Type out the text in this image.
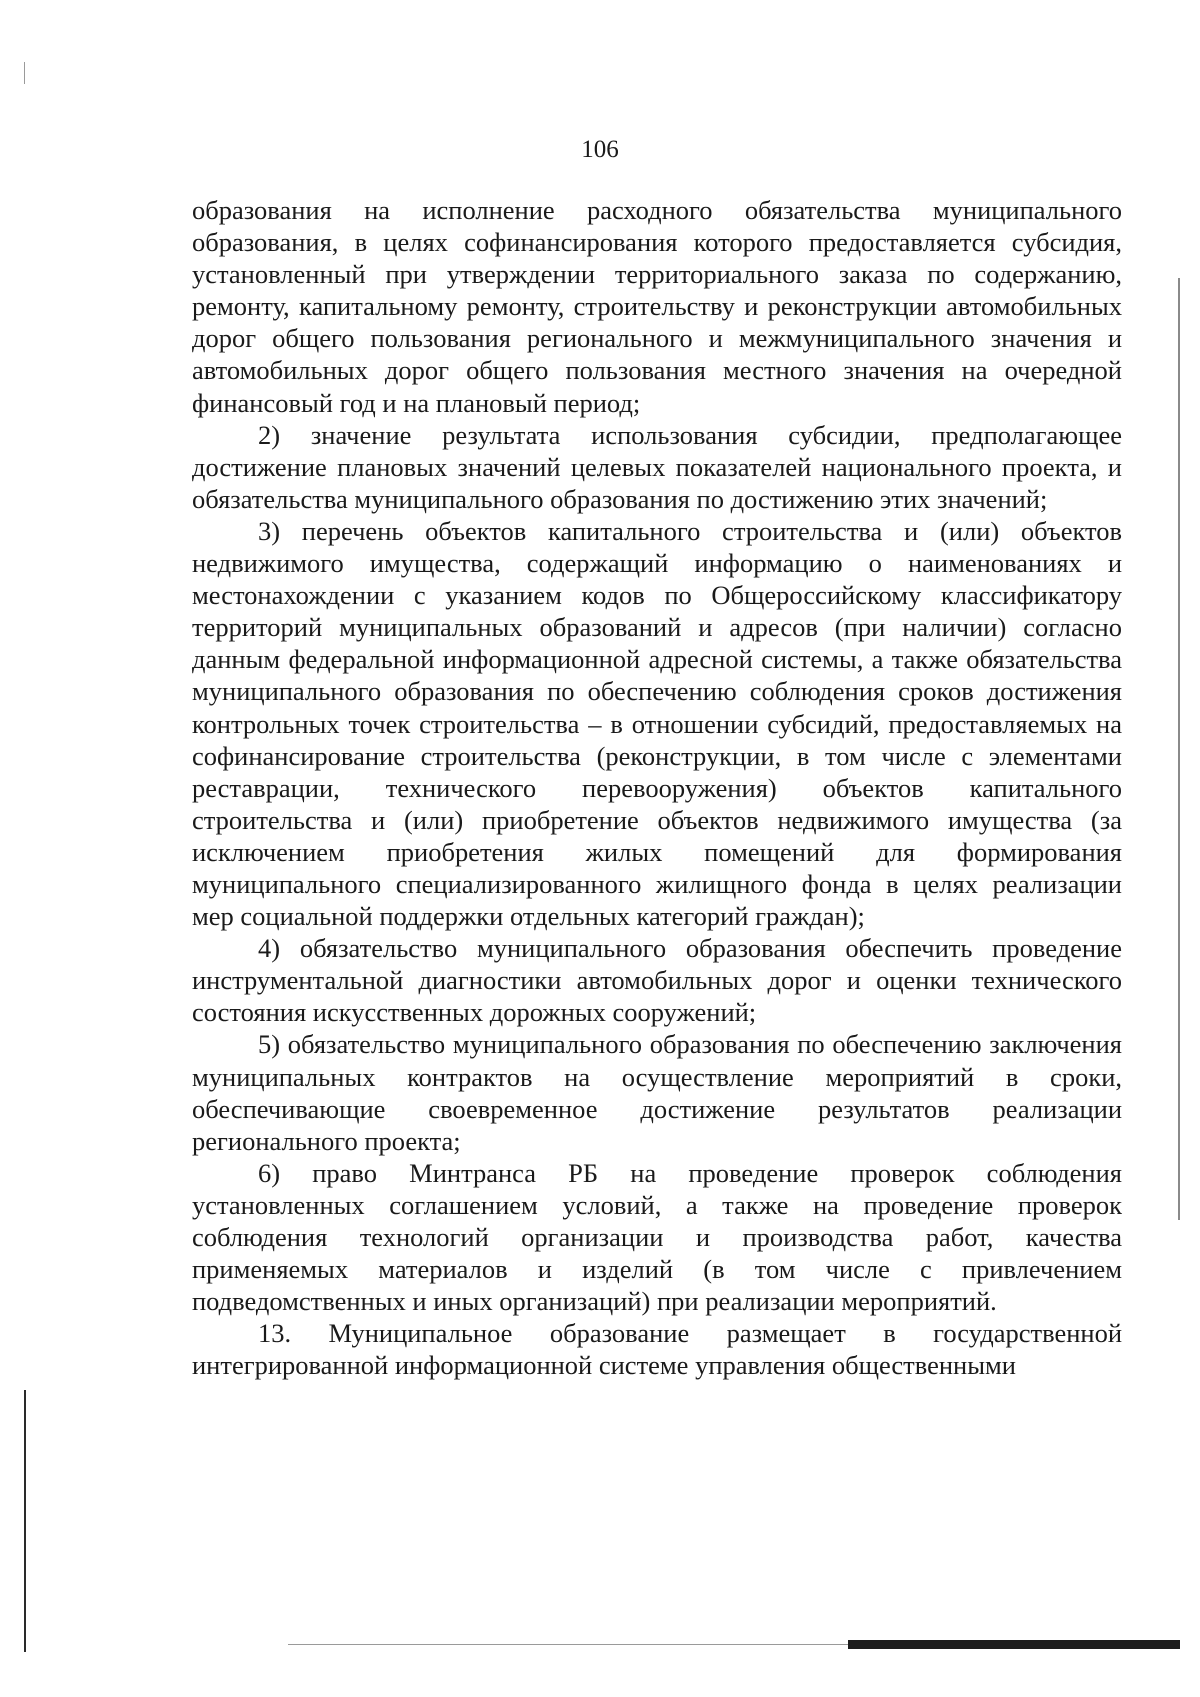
106

образования на исполнение расходного обязательства муниципального образования, в целях софинансирования которого предоставляется субсидия, установленный при утверждении территориального заказа по содержанию, ремонту, капитальному ремонту, строительству и реконструкции автомобильных дорог общего пользования регионального и межмуниципального значения и автомобильных дорог общего пользования местного значения на очередной финансовый год и на плановый период;

2) значение результата использования субсидии, предполагающее достижение плановых значений целевых показателей национального проекта, и обязательства муниципального образования по достижению этих значений;

3) перечень объектов капитального строительства и (или) объектов недвижимого имущества, содержащий информацию о наименованиях и местонахождении с указанием кодов по Общероссийскому классификатору территорий муниципальных образований и адресов (при наличии) согласно данным федеральной информационной адресной системы, а также обязательства муниципального образования по обеспечению соблюдения сроков достижения контрольных точек строительства – в отношении субсидий, предоставляемых на софинансирование строительства (реконструкции, в том числе с элементами реставрации, технического перевооружения) объектов капитального строительства и (или) приобретение объектов недвижимого имущества (за исключением приобретения жилых помещений для формирования муниципального специализированного жилищного фонда в целях реализации мер социальной поддержки отдельных категорий граждан);

4) обязательство муниципального образования обеспечить проведение инструментальной диагностики автомобильных дорог и оценки технического состояния искусственных дорожных сооружений;

5) обязательство муниципального образования по обеспечению заключения муниципальных контрактов на осуществление мероприятий в сроки, обеспечивающие своевременное достижение результатов реализации регионального проекта;

6) право Минтранса РБ на проведение проверок соблюдения установленных соглашением условий, а также на проведение проверок соблюдения технологий организации и производства работ, качества применяемых материалов и изделий (в том числе с привлечением подведомственных и иных организаций) при реализации мероприятий.

13. Муниципальное образование размещает в государственной интегрированной информационной системе управления общественными
